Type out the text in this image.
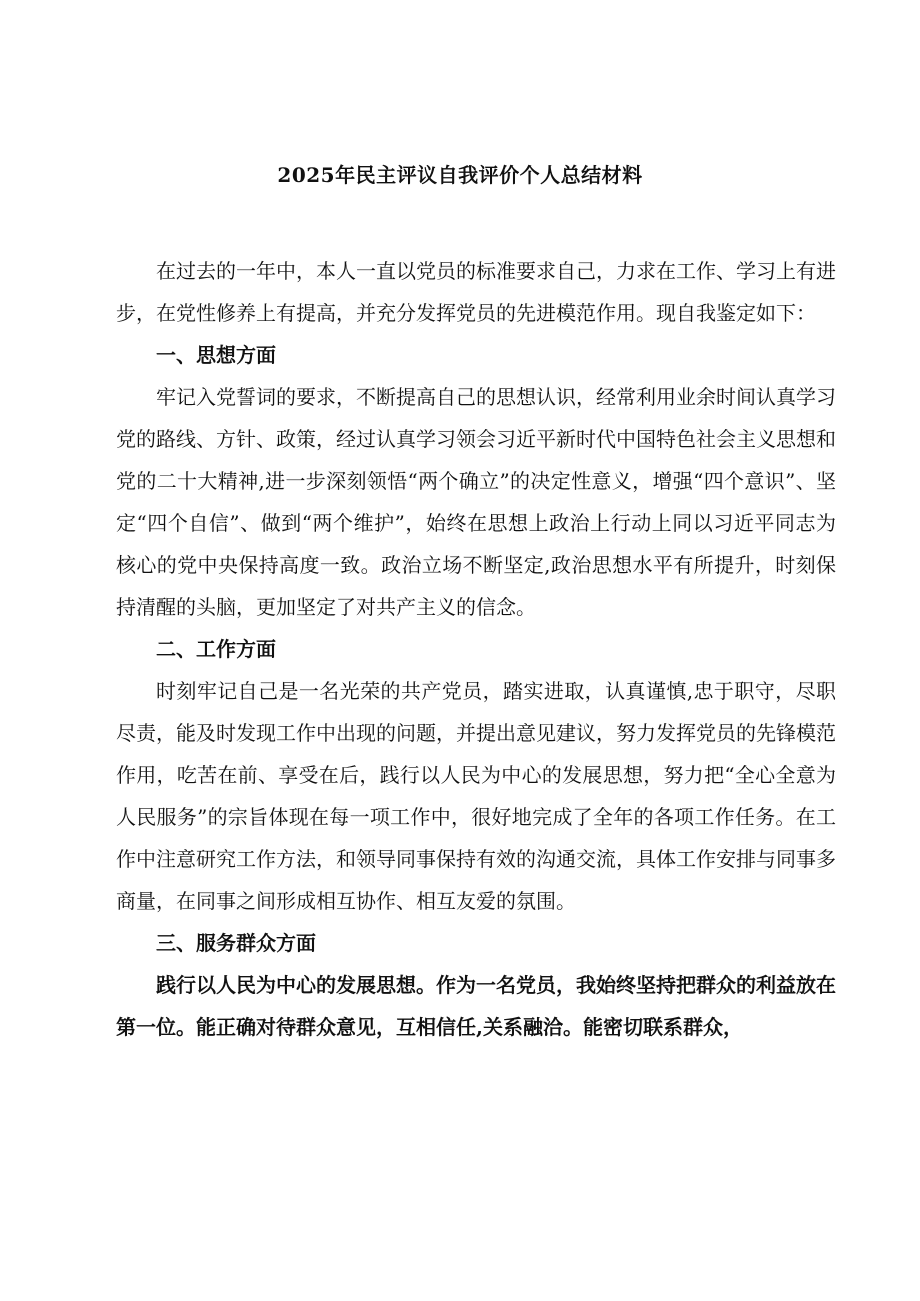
2025年民主评议自我评价个人总结材料

在过去的一年中，本人一直以党员的标准要求自己，力求在工作、学习上有进步，在党性修养上有提高，并充分发挥党员的先进模范作用。现自我鉴定如下：

一、思想方面

牢记入党誓词的要求，不断提高自己的思想认识，经常利用业余时间认真学习党的路线、方针、政策，经过认真学习领会习近平新时代中国特色社会主义思想和党的二十大精神,进一步深刻领悟“两个确立”的决定性意义，增强“四个意识”、坚定“四个自信”、做到“两个维护”，始终在思想上政治上行动上同以习近平同志为核心的党中央保持高度一致。政治立场不断坚定,政治思想水平有所提升，时刻保持清醒的头脑，更加坚定了对共产主义的信念。

二、工作方面

时刻牢记自己是一名光荣的共产党员，踏实进取，认真谨慎,忠于职守，尽职尽责，能及时发现工作中出现的问题，并提出意见建议，努力发挥党员的先锋模范作用，吃苦在前、享受在后，践行以人民为中心的发展思想，努力把“全心全意为人民服务”的宗旨体现在每一项工作中，很好地完成了全年的各项工作任务。在工作中注意研究工作方法，和领导同事保持有效的沟通交流，具体工作安排与同事多商量，在同事之间形成相互协作、相互友爱的氛围。

三、服务群众方面

践行以人民为中心的发展思想。作为一名党员，我始终坚持把群众的利益放在第一位。能正确对待群众意见，互相信任,关系融洽。能密切联系群众，
